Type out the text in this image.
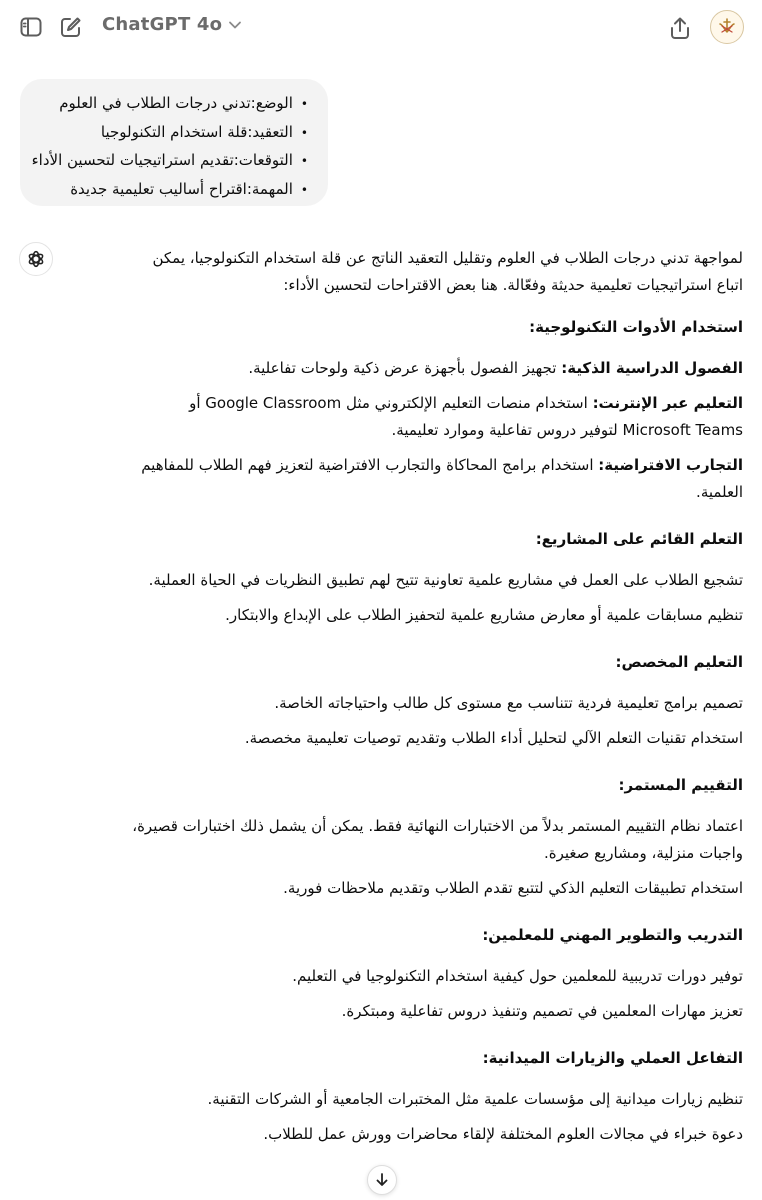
ChatGPT 4o
•الوضع:تدني درجات الطلاب في العلوم
•التعقيد:قلة استخدام التكنولوجيا
•التوقعات:تقديم استراتيجيات لتحسين الأداء
•المهمة:اقتراح أساليب تعليمية جديدة

لمواجهة تدني درجات الطلاب في العلوم وتقليل التعقيد الناتج عن قلة استخدام التكنولوجيا، يمكن اتباع استراتيجيات تعليمية حديثة وفعّالة. هنا بعض الاقتراحات لتحسين الأداء:

استخدام الأدوات التكنولوجية:

الفصول الدراسية الذكية: تجهيز الفصول بأجهزة عرض ذكية ولوحات تفاعلية.

التعليم عبر الإنترنت: استخدام منصات التعليم الإلكتروني مثل Google Classroom أو Microsoft Teams لتوفير دروس تفاعلية وموارد تعليمية.

التجارب الافتراضية: استخدام برامج المحاكاة والتجارب الافتراضية لتعزيز فهم الطلاب للمفاهيم العلمية.

التعلم القائم على المشاريع:

تشجيع الطلاب على العمل في مشاريع علمية تعاونية تتيح لهم تطبيق النظريات في الحياة العملية.

تنظيم مسابقات علمية أو معارض مشاريع علمية لتحفيز الطلاب على الإبداع والابتكار.

التعليم المخصص:

تصميم برامج تعليمية فردية تتناسب مع مستوى كل طالب واحتياجاته الخاصة.

استخدام تقنيات التعلم الآلي لتحليل أداء الطلاب وتقديم توصيات تعليمية مخصصة.

التقييم المستمر:

اعتماد نظام التقييم المستمر بدلاً من الاختبارات النهائية فقط. يمكن أن يشمل ذلك اختبارات قصيرة، واجبات منزلية، ومشاريع صغيرة.

استخدام تطبيقات التعليم الذكي لتتبع تقدم الطلاب وتقديم ملاحظات فورية.

التدريب والتطوير المهني للمعلمين:

توفير دورات تدريبية للمعلمين حول كيفية استخدام التكنولوجيا في التعليم.

تعزيز مهارات المعلمين في تصميم وتنفيذ دروس تفاعلية ومبتكرة.

التفاعل العملي والزيارات الميدانية:

تنظيم زيارات ميدانية إلى مؤسسات علمية مثل المختبرات الجامعية أو الشركات التقنية.

دعوة خبراء في مجالات العلوم المختلفة لإلقاء محاضرات وورش عمل للطلاب.
